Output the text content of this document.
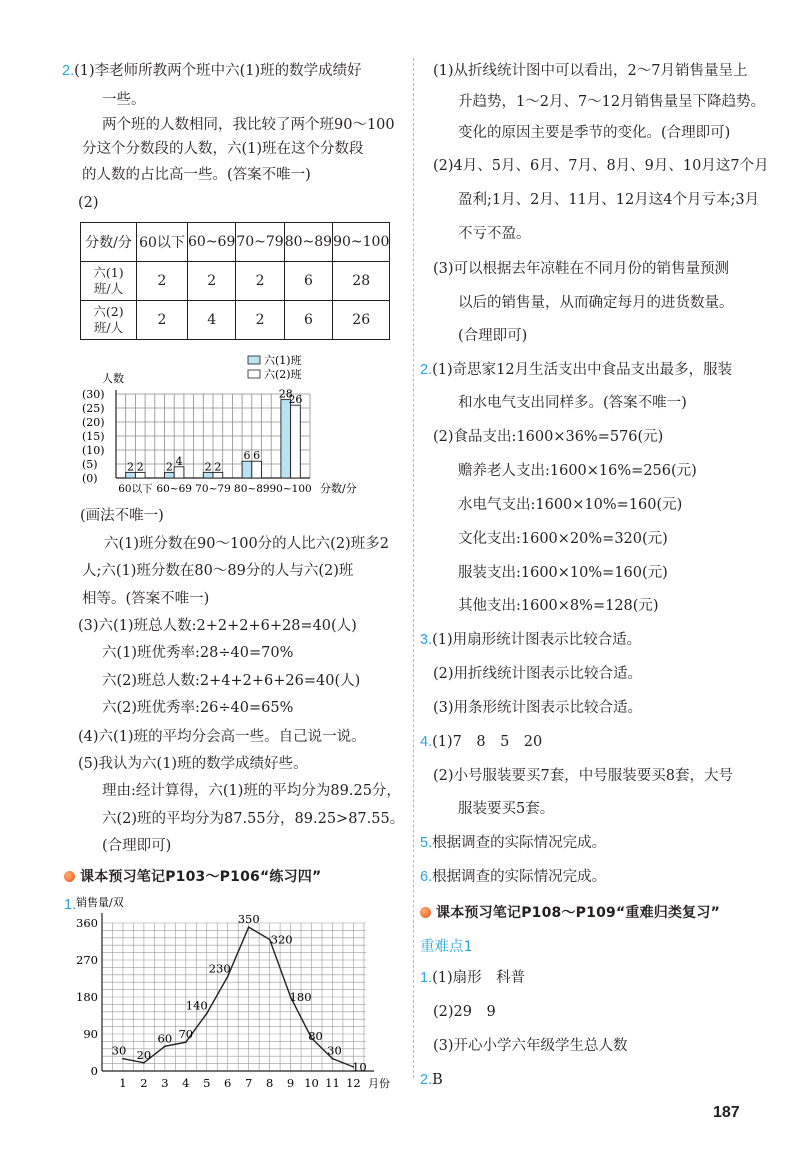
2.(1)李老师所教两个班中六(1)班的数学成绩好
一些。
两个班的人数相同，我比较了两个班90～100
分这个分数段的人数，六(1)班在这个分数段
的人数的占比高一些。(答案不唯一)
(2)
分数/分	60以下	60~69	70~79	80~89	90~100
六(1)
班/人	2	2	2	6	28
六(2)
班/人	2	4	2	6	26
(0)
(5)
(10)
(15)
(20)
(25)
(30)
人数
分数/分
六(1)班
六(2)班
2 2
60以下
2 4
60~69
2 2
70~79
6 6
80~89
28
26
90~100
(画法不唯一)
六(1)班分数在90～100分的人比六(2)班多2
人;六(1)班分数在80～89分的人与六(2)班
相等。(答案不唯一)
(3)六(1)班总人数:2+2+2+6+28=40(人)
六(1)班优秀率:28÷40=70%
六(2)班总人数:2+4+2+6+26=40(人)
六(2)班优秀率:26÷40=65%
(4)六(1)班的平均分会高一些。自己说一说。
(5)我认为六(1)班的数学成绩好些。
理由:经计算得，六(1)班的平均分为89.25分，
六(2)班的平均分为87.55分，89.25>87.55。
(合理即可)
课本预习笔记P103～P106“练习四”
1. 销售量/双
月份
0
90
180
270
360
1 2 3 4 5 6 7 8 9 10 11 12
30 20
60 70
140
230
350
320
180
80
30
10
(1)从折线统计图中可以看出，2～7月销售量呈上
升趋势，1～2月、7～12月销售量呈下降趋势。
变化的原因主要是季节的变化。(合理即可)
(2)4月、5月、6月、7月、8月、9月、10月这7个月
盈利;1月、2月、11月、12月这4个月亏本;3月
不亏不盈。
(3)可以根据去年凉鞋在不同月份的销售量预测
以后的销售量，从而确定每月的进货数量。
(合理即可)
2.(1)奇思家12月生活支出中食品支出最多，服装
和水电气支出同样多。(答案不唯一)
(2)食品支出:1600×36%=576(元)
赡养老人支出:1600×16%=256(元)
水电气支出:1600×10%=160(元)
文化支出:1600×20%=320(元)
服装支出:1600×10%=160(元)
其他支出:1600×8%=128(元)
3.(1)用扇形统计图表示比较合适。
(2)用折线统计图表示比较合适。
(3)用条形统计图表示比较合适。
4.(1)7　8　5　20
(2)小号服装要买7套，中号服装要买8套，大号
服装要买5套。
5.根据调查的实际情况完成。
6.根据调查的实际情况完成。
课本预习笔记P108～P109“重难归类复习”
重难点1
1.(1)扇形　科普
(2)29　9
(3)开心小学六年级学生总人数
2.B
187
